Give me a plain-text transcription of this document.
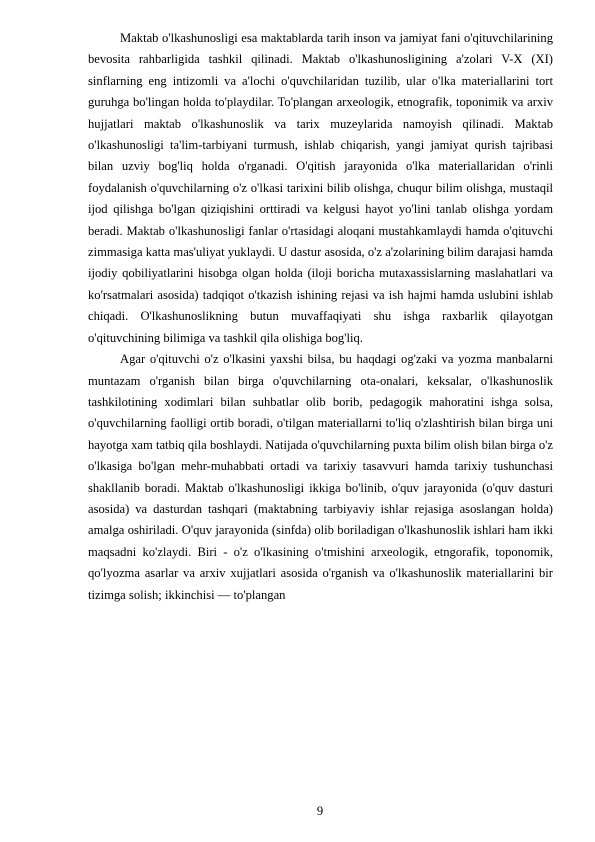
Maktab o'lkashunosligi esa maktablarda tarih inson va jamiyat fani o'qituvchilarining bevosita rahbarligida tashkil qilinadi. Maktab o'lkashunosligining a'zolari V-X (XI) sinflarning eng intizomli va a'lochi o'quvchilaridan tuzilib, ular o'lka materiallarini tort guruhga bo'lingan holda to'playdilar. To'plangan arxeologik, etnografik, toponimik va arxiv hujjatlari maktab o'lkashunoslik va tarix muzeylarida namoyish qilinadi. Maktab o'lkashunosligi ta'lim-tarbiyani turmush, ishlab chiqarish, yangi jamiyat qurish tajribasi bilan uzviy bog'liq holda o'rganadi. O'qitish jarayonida o'lka materiallaridan o'rinli foydalanish o'quvchilarning o'z o'lkasi tarixini bilib olishga, chuqur bilim olishga, mustaqil ijod qilishga bo'lgan qiziqishini orttiradi va kelgusi hayot yo'lini tanlab olishga yordam beradi. Maktab o'lkashunosligi fanlar o'rtasidagi aloqani mustahkamlaydi hamda o'qituvchi zimmasiga katta mas'uliyat yuklaydi. U dastur asosida, o'z a'zolarining bilim darajasi hamda ijodiy qobiliyatlarini hisobga olgan holda (iloji boricha mutaxassislarning maslahatlari va ko'rsatmalari asosida) tadqiqot o'tkazish ishining rejasi va ish hajmi hamda uslubini ishlab chiqadi. O'lkashunoslikning butun muvaffaqiyati shu ishga raxbarlik qilayotgan o'qituvchining bilimiga va tashkil qila olishiga bog'liq.

Agar o'qituvchi o'z o'lkasini yaxshi bilsa, bu haqdagi og'zaki va yozma manbalarni muntazam o'rganish bilan birga o'quvchilarning ota-onalari, keksalar, o'lkashunoslik tashkilotining xodimlari bilan suhbatlar olib borib, pedagogik mahoratini ishga solsa, o'quvchilarning faolligi ortib boradi, o'tilgan materiallarni to'liq o'zlashtirish bilan birga uni hayotga xam tatbiq qila boshlaydi. Natijada o'quvchilarning puxta bilim olish bilan birga o'z o'lkasiga bo'lgan mehr-muhabbati ortadi va tarixiy tasavvuri hamda tarixiy tushunchasi shakllanib boradi. Maktab o'lkashunosligi ikkiga bo'linib, o'quv jarayonida (o'quv dasturi asosida) va dasturdan tashqari (maktabning tarbiyaviy ishlar rejasiga asoslangan holda) amalga oshiriladi. O'quv jarayonida (sinfda) olib boriladigan o'lkashunoslik ishlari ham ikki maqsadni ko'zlaydi. Biri - o'z o'lkasining o'tmishini arxeologik, etngorafik, toponomik, qo'lyozma asarlar va arxiv xujjatlari asosida o'rganish va o'lkashunoslik materiallarini bir tizimga solish; ikkinchisi — to'plangan

9
